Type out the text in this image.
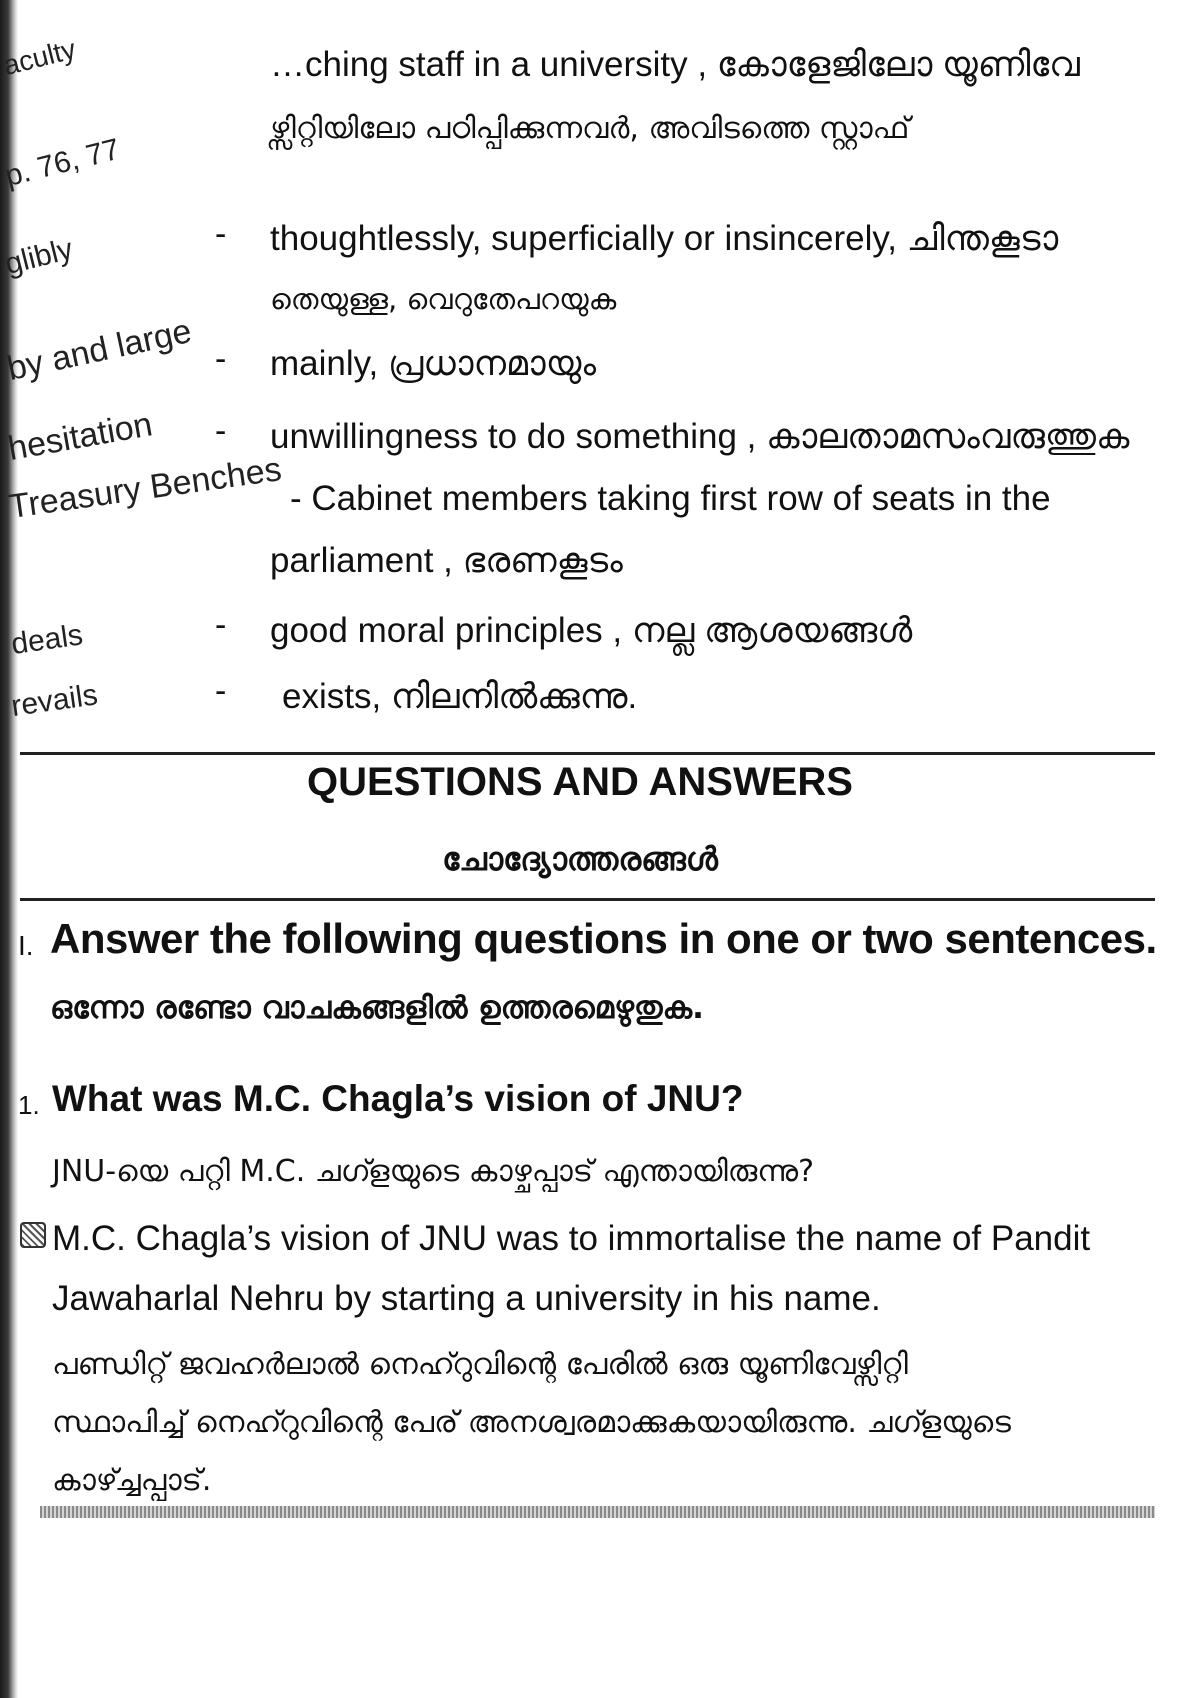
aculty
p. 76, 77
glibly
by and large
hesitation
Treasury Benches
deals
revails
…ching staff in a university , കോളേജിലോ യൂണിവേ
ഴ്സിറ്റിയിലോ പഠിപ്പിക്കുന്നവർ, അവിടത്തെ സ്റ്റാഫ്
- thoughtlessly, superficially or insincerely, ചിന്തകൂടാ
തെയുള്ള, വെറുതേപറയുക
- mainly, പ്രധാനമായും
- unwillingness to do something , കാലതാമസംവരുത്തുക
- Cabinet members taking first row of seats in the
parliament , ഭരണകൂടം
- good moral principles , നല്ല ആശയങ്ങൾ
- exists, നിലനിൽക്കുന്നു.
QUESTIONS AND ANSWERS
ചോദ്യോത്തരങ്ങൾ
I. Answer the following questions in one or two sentences.
ഒന്നോ രണ്ടോ വാചകങ്ങളിൽ ഉത്തരമെഴുതുക.
1. What was M.C. Chagla’s vision of JNU?
JNU-യെ പറ്റി M.C. ചഗ്ളയുടെ കാഴ്ചപ്പാട് എന്തായിരുന്നു?
M.C. Chagla’s vision of JNU was to immortalise the name of Pandit
Jawaharlal Nehru by starting a university in his name.
പണ്ഡിറ്റ് ജവഹർലാൽ നെഹ്റുവിന്റെ പേരിൽ ഒരു യൂണിവേഴ്സിറ്റി
സ്ഥാപിച്ച് നെഹ്റുവിന്റെ പേര് അനശ്വരമാക്കുകയായിരുന്നു. ചഗ്ളയുടെ
കാഴ്ച്ചപ്പാട്.
